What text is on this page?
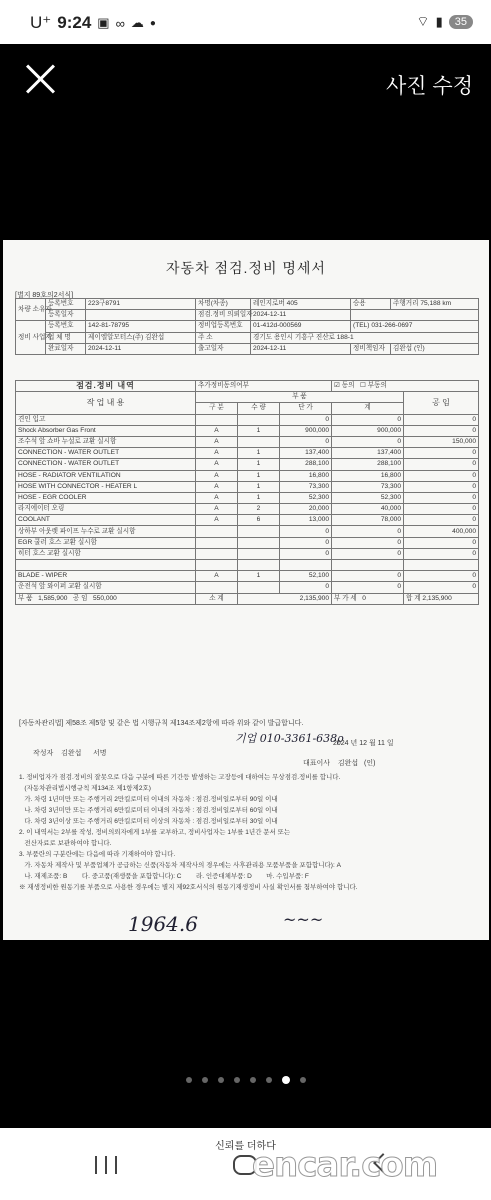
U⁺ 9:24 ▣ ∞ ☁ ●	⌔ ▮	35
사진 수정
자동차 점검.정비 명세서
[별지 89호의2서식]
차량 소유자	등록번호	223구8791	차명(차종)	레인지로버 405	승용	주행거리 75,188 km
	등록일자		점검.정비 의뢰일자	2024-12-11		
정비 사업자	등록번호	142-81-78795	정비업등록번호	01-412d-000569	(TEL) 031-266-0697	
	업 체 명	제이엘알모터스(주) 김완섭	주 소	경기도 용인시 기흥구 진산로 188-1		
	완료일자	2024-12-11	출고일자	2024-12-11	정비책임자	김완섭 (인)
점검.정비 내역	추가정비동의여부			☑ 동의   ☐ 부동의	
작 업 내 용	부 품				공 임
	구 분	수 량	단 가	계	
견인 입고			0	0	0
Shock Absorber Gas Front	A	1	900,000	900,000	0
조수석 앞 쇼바 누설로 교환 실시함	A		0	0	150,000
CONNECTION - WATER OUTLET	A	1	137,400	137,400	0
CONNECTION - WATER OUTLET	A	1	288,100	288,100	0
HOSE - RADIATOR VENTILATION	A	1	16,800	16,800	0
HOSE WITH CONNECTOR - HEATER L	A	1	73,300	73,300	0
HOSE - EGR COOLER	A	1	52,300	52,300	0
라지에이터 오링	A	2	20,000	40,000	0
COOLANT	A	6	13,000	78,000	0
상하부 아웃렛 파이프 누수로 교환 실시함			0	0	400,000
EGR 쿨러 호스 교환 실시함			0	0	0
히터 호스 교환 실시함			0	0	0

BLADE - WIPER	A	1	52,100	0	0
운전석 앞 와이퍼 교환 실시함			0	0	0
부 품 1,585,900 공 임 550,000	소 계	2,135,900		부 가 세 0	합 계 2,135,900
[자동차관리법] 제58조 제5항 및 같은 법 시행규칙 제134조제2항에 따라 위와 같이 발급합니다.
기업 010-3361-638ρ
2024 년 12 월 11 일
작성자 김완섭 서명
대표이사 김완섭 (인)
1. 정비업자가 점검.정비의 잘못으로 다음 구분에 따른 기간등 발생하는 고장등에 대하여는 무상점검.정비를 합니다.
(자동차관리법시행규칙 제134조 제1항제2호)
가. 차령 1년미만 또는 주행거리 2만킬로미터 이내의 자동차 : 점검.정비일로부터 90일 이내
나. 차령 3년미만 또는 주행거리 6만킬로미터 이내의 자동차 : 점검.정비일로부터 60일 이내
다. 차령 3년이상 또는 주행거리 6만킬로미터 이상의 자동차 : 점검.정비일로부터 30일 이내
2. 이 내역서는 2부를 작성, 정비의뢰자에게 1부를 교부하고, 정비사업자는 1부를 1년간 문서 또는
전산자료로 보관하여야 합니다.
3. 부품란의 구분란에는 다음에 따라 기재하여야 합니다.
가. 자동차 제작사 및 부품업체가 공급하는 신품(자동차 제작사의 경우에는 사후관리용 모품부품을 포함합니다): A
나. 재제조품: B        다. 중고품(재생품을 포함합니다): C        라. 인증대체부품: D        마. 수입부품: F
※ 재생정비한 원동기를 부품으로 사용한 경우에는 별지 제92호서식의 원동기재생정비 사실 확인서를 첨부하여야 합니다.
1964.6	~~~
신뢰를 더하다
encar.com
